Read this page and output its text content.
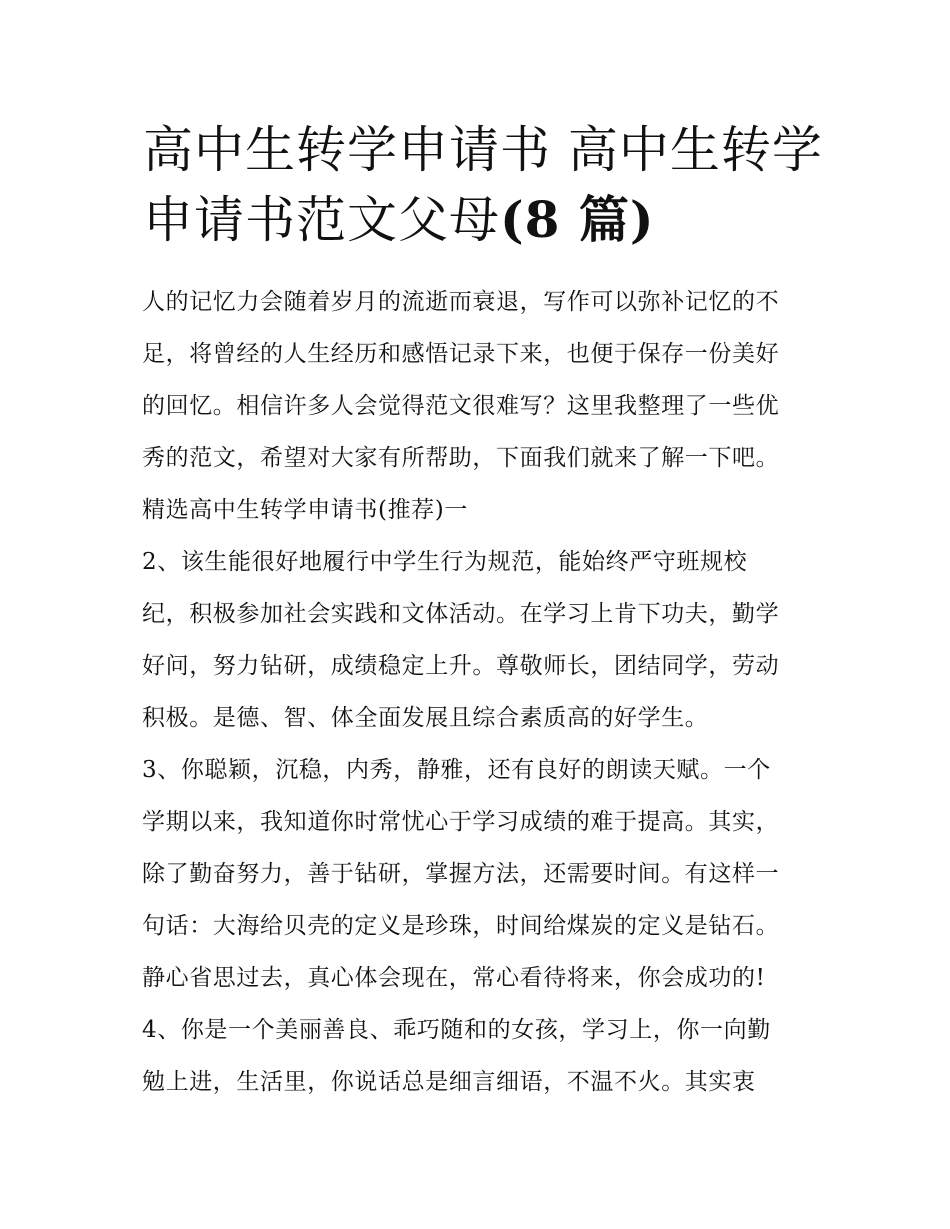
高中生转学申请书 高中生转学
申请书范文父母(8 篇)
人的记忆力会随着岁月的流逝而衰退，写作可以弥补记忆的不
足，将曾经的人生经历和感悟记录下来，也便于保存一份美好
的回忆。相信许多人会觉得范文很难写？这里我整理了一些优
秀的范文，希望对大家有所帮助，下面我们就来了解一下吧。
精选高中生转学申请书(推荐)一
2、该生能很好地履行中学生行为规范，能始终严守班规校
纪，积极参加社会实践和文体活动。在学习上肯下功夫，勤学
好问，努力钻研，成绩稳定上升。尊敬师长，团结同学，劳动
积极。是德、智、体全面发展且综合素质高的好学生。
3、你聪颖，沉稳，内秀，静雅，还有良好的朗读天赋。一个
学期以来，我知道你时常忧心于学习成绩的难于提高。其实，
除了勤奋努力，善于钻研，掌握方法，还需要时间。有这样一
句话：大海给贝壳的定义是珍珠，时间给煤炭的定义是钻石。
静心省思过去，真心体会现在，常心看待将来，你会成功的!
4、你是一个美丽善良、乖巧随和的女孩，学习上，你一向勤
勉上进，生活里，你说话总是细言细语，不温不火。其实衷
